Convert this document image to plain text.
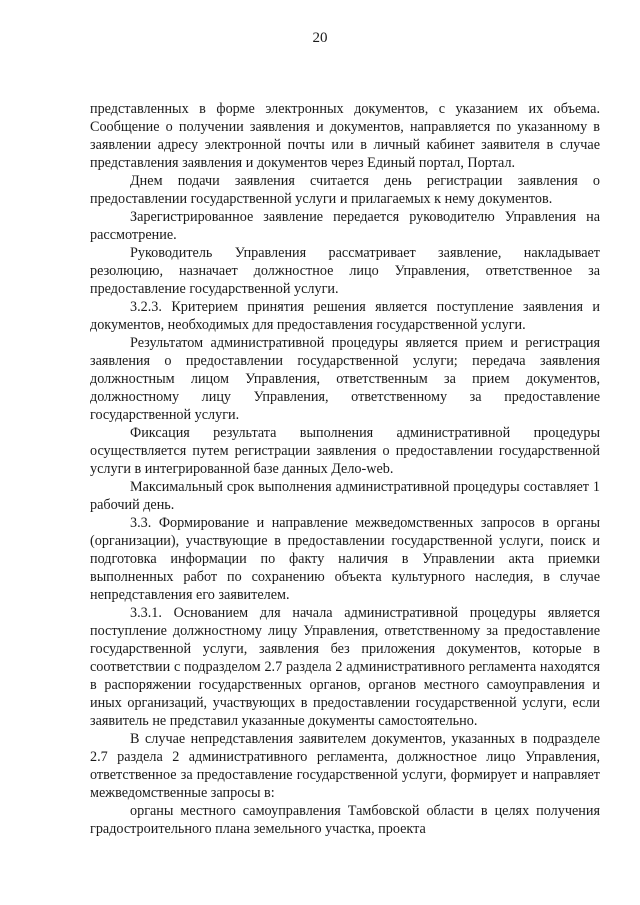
20

представленных в форме электронных документов, с указанием их объема. Сообщение о получении заявления и документов, направляется по указанному в заявлении адресу электронной почты или в личный кабинет заявителя в случае представления заявления и документов через Единый портал, Портал.

Днем подачи заявления считается день регистрации заявления о предоставлении государственной услуги и прилагаемых к нему документов.

Зарегистрированное заявление передается руководителю Управления на рассмотрение.

Руководитель Управления рассматривает заявление, накладывает резолюцию, назначает должностное лицо Управления, ответственное за предоставление государственной услуги.

3.2.3. Критерием принятия решения является поступление заявления и документов, необходимых для предоставления государственной услуги.

Результатом административной процедуры является прием и регистрация заявления о предоставлении государственной услуги; передача заявления должностным лицом Управления, ответственным за прием документов, должностному лицу Управления, ответственному за предоставление государственной услуги.

Фиксация результата выполнения административной процедуры осуществляется путем регистрации заявления о предоставлении государственной услуги в интегрированной базе данных Дело-web.

Максимальный срок выполнения административной процедуры составляет 1 рабочий день.

3.3. Формирование и направление межведомственных запросов в органы (организации), участвующие в предоставлении государственной услуги, поиск и подготовка информации по факту наличия в Управлении акта приемки выполненных работ по сохранению объекта культурного наследия, в случае непредставления его заявителем.

3.3.1. Основанием для начала административной процедуры является поступление должностному лицу Управления, ответственному за предоставление государственной услуги, заявления без приложения документов, которые в соответствии с подразделом 2.7 раздела 2 административного регламента находятся в распоряжении государственных органов, органов местного самоуправления и иных организаций, участвующих в предоставлении государственной услуги, если заявитель не представил указанные документы самостоятельно.

В случае непредставления заявителем документов, указанных в подразделе 2.7 раздела 2 административного регламента, должностное лицо Управления, ответственное за предоставление государственной услуги, формирует и направляет межведомственные запросы в:

органы местного самоуправления Тамбовской области в целях получения градостроительного плана земельного участка, проекта
